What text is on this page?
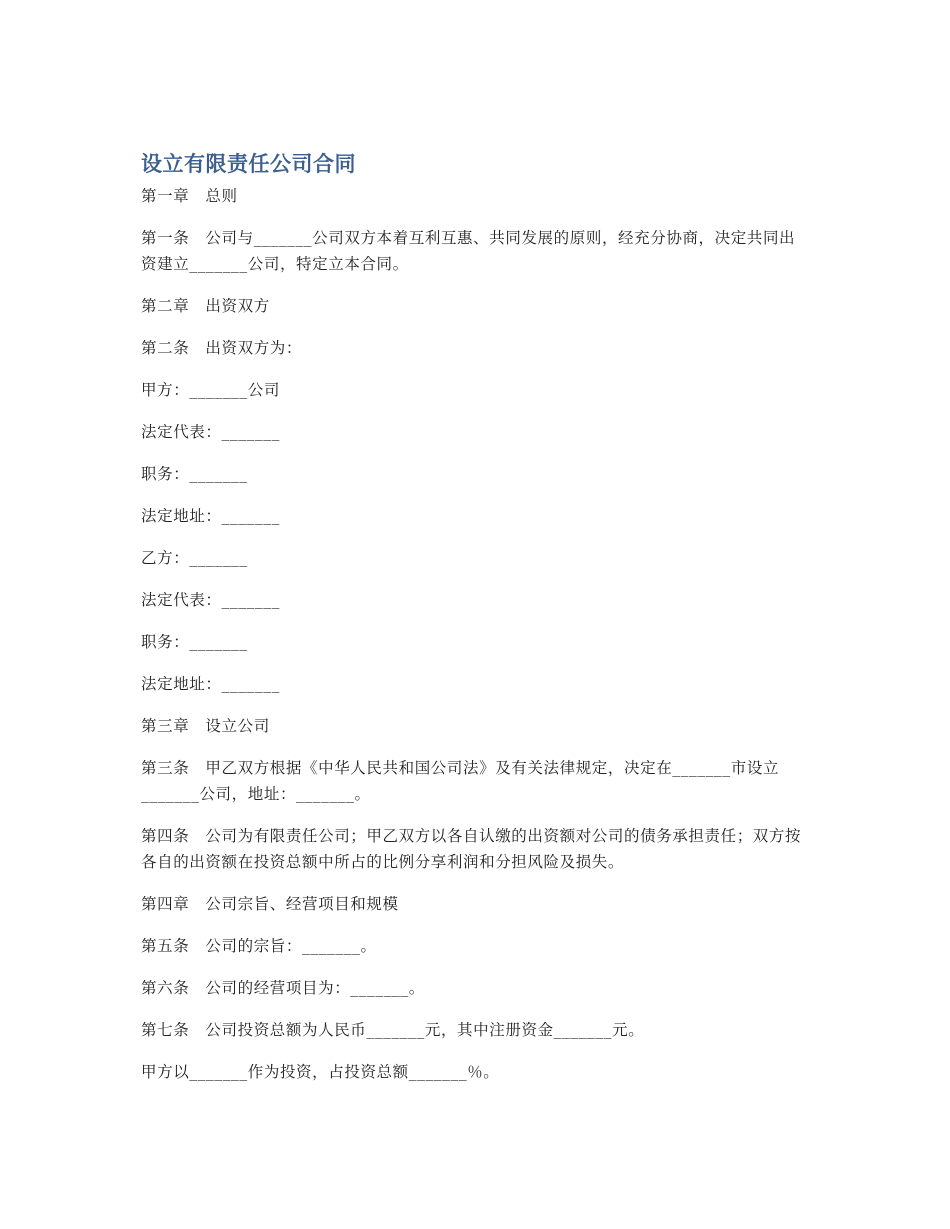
设立有限责任公司合同

第一章　总则

第一条　公司与_______公司双方本着互利互惠、共同发展的原则，经充分协商，决定共同出资建立_______公司，特定立本合同。

第二章　出资双方

第二条　出资双方为：

甲方：_______公司

法定代表：_______

职务：_______

法定地址：_______

乙方：_______

法定代表：_______

职务：_______

法定地址：_______

第三章　设立公司

第三条　甲乙双方根据《中华人民共和国公司法》及有关法律规定，决定在_______市设立_______公司，地址：_______。

第四条　公司为有限责任公司；甲乙双方以各自认缴的出资额对公司的债务承担责任；双方按各自的出资额在投资总额中所占的比例分享利润和分担风险及损失。

第四章　公司宗旨、经营项目和规模

第五条　公司的宗旨：_______。

第六条　公司的经营项目为：_______。

第七条　公司投资总额为人民币_______元，其中注册资金_______元。

甲方以_______作为投资，占投资总额_______％。
